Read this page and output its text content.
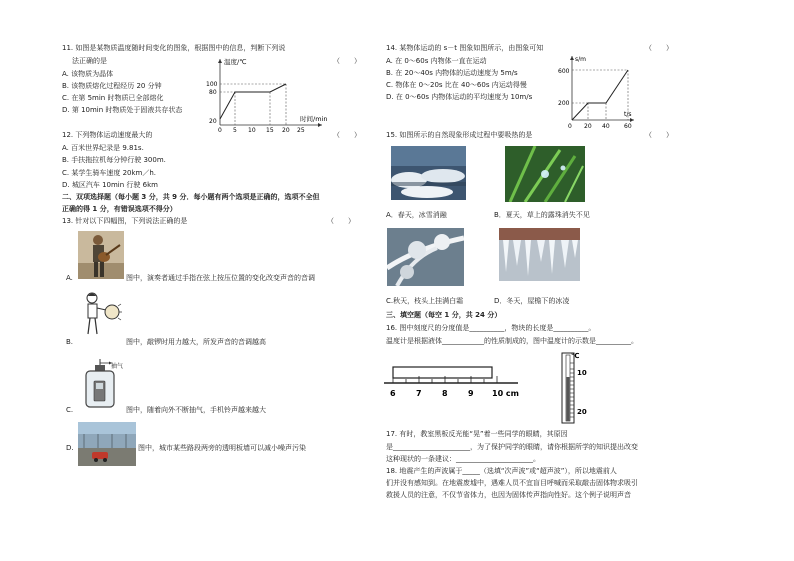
11. 如图是某物质温度随时间变化的图象，根据图中的信息，判断下列说
（　　）
法正确的是
A. 该物质为晶体
B. 该物质熔化过程经历 20 分钟
C. 在第 5min 时物质已全部熔化
D. 第 10min 时物质处于固液共存状态
温度/℃
时间/min
100
80
20
0 5 10 15 20 25
12. 下列物体运动速度最大的	（　　）
A. 百米世界纪录是 9.81s.
B. 手扶拖拉机每分钟行驶 300m.
C. 某学生骑车速度 20km／h.
D. 城区汽车 10min 行驶 6km
二、双项选择题（每小题 3 分，共 9 分．每小题有两个选项是正确的，选项不全但
正确的得 1 分，有错误选项不得分）
13. 针对以下四幅图，下列说法正确的是	（　　）
A.	图中，演奏者通过手指在弦上按压位置的变化改变声音的音调
B.	图中，敲锣时用力越大，所发声音的音调越高
抽气
C.	图中，随着向外不断抽气，手机铃声越来越大
D.	图中，城市某些路段两旁的透明板墙可以减小噪声污染
14. 某物体运动的 s－t 图象如图所示，由图象可知	（　　）
A. 在 0～60s 内物体一直在运动
B. 在 20～40s 内物体的运动速度为 5m/s
C. 物体在 0～20s 比在 40～60s 内运动得慢
D. 在 0～60s 内物体运动的平均速度为 10m/s
s/m
t/s
600
200
0 20 40 60
15. 如图所示的自然现象形成过程中要吸热的是	（　　）
A．春天，冰雪消融	B．夏天，草上的露珠消失不见
C.秋天，枝头上挂满白霜	D．冬天，屋檐下的冰凌
三、填空题（每空 1 分，共 24 分）
16. 图中刻度尺的分度值是__________，物块的长度是__________。
温度计是根据液体____________的性质制成的，图中温度计的示数是__________。
6	7	8	9 10 cm
℃
10
20
17. 有时，教室黑板反光能“晃”着一些同学的眼睛，其原因
是______________________，为了保护同学的眼睛，请你根据所学的知识提出改变
这种现状的一条建议：______________________。
18. 地震产生的声波属于_____（选填“次声波”或“超声波”），所以地震前人
们并没有感知到。在地震废墟中，遇难人员不宜盲目呼喊而采取敲击固体物求吸引
救援人员的注意，不仅节省体力，也因为固体传声指向性好。这个例子说明声音
